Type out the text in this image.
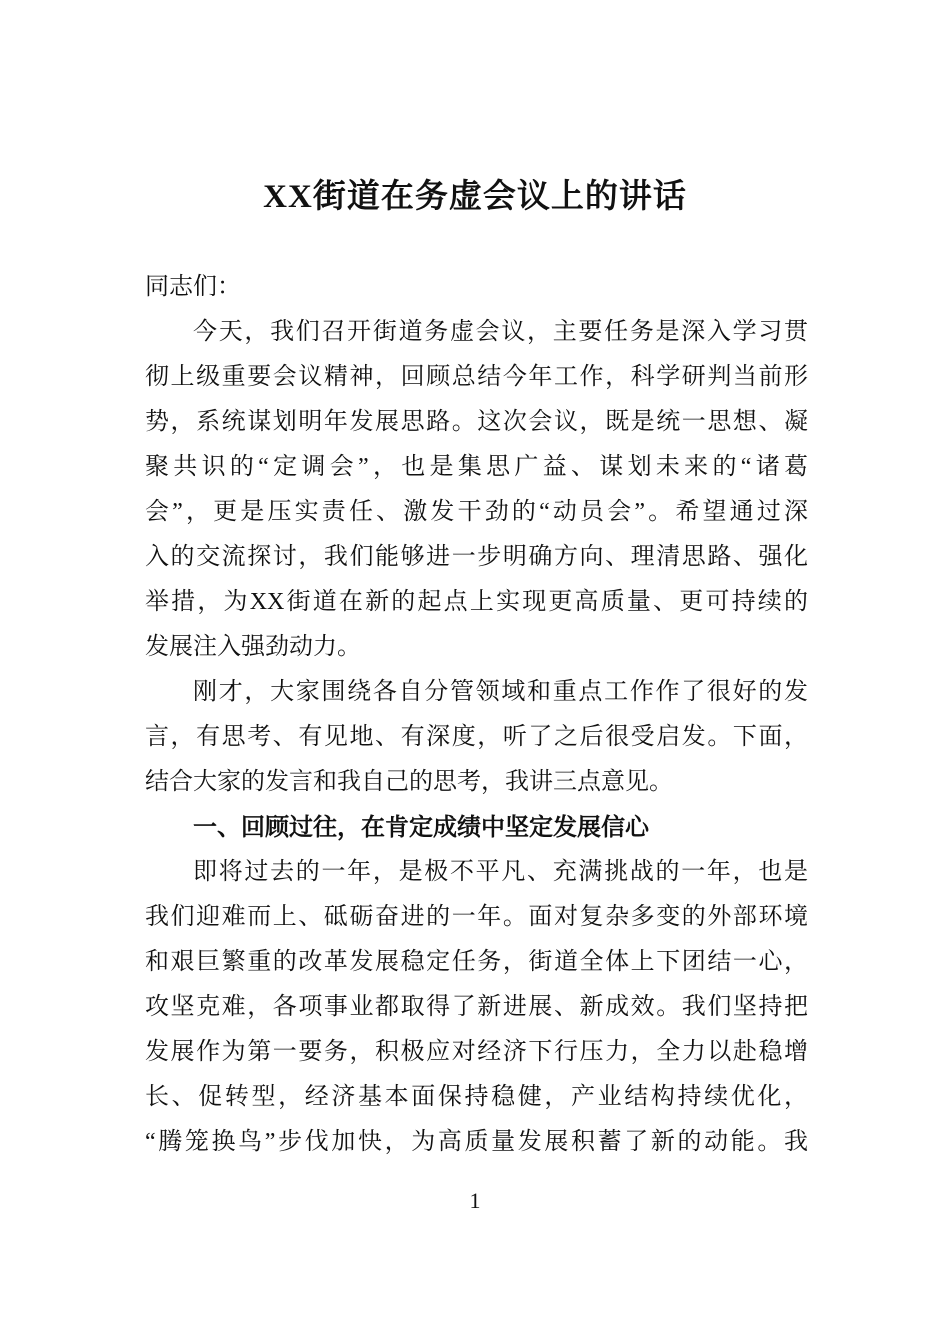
XX街道在务虚会议上的讲话
同志们：
今天，我们召开街道务虚会议，主要任务是深入学习贯
彻上级重要会议精神，回顾总结今年工作，科学研判当前形
势，系统谋划明年发展思路。这次会议，既是统一思想、凝
聚共识的“定调会”，也是集思广益、谋划未来的“诸葛
会”，更是压实责任、激发干劲的“动员会”。希望通过深
入的交流探讨，我们能够进一步明确方向、理清思路、强化
举措，为XX街道在新的起点上实现更高质量、更可持续的
发展注入强劲动力。
刚才，大家围绕各自分管领域和重点工作作了很好的发
言，有思考、有见地、有深度，听了之后很受启发。下面，
结合大家的发言和我自己的思考，我讲三点意见。
一、回顾过往，在肯定成绩中坚定发展信心
即将过去的一年，是极不平凡、充满挑战的一年，也是
我们迎难而上、砥砺奋进的一年。面对复杂多变的外部环境
和艰巨繁重的改革发展稳定任务，街道全体上下团结一心，
攻坚克难，各项事业都取得了新进展、新成效。我们坚持把
发展作为第一要务，积极应对经济下行压力，全力以赴稳增
长、促转型，经济基本面保持稳健，产业结构持续优化，
“腾笼换鸟”步伐加快，为高质量发展积蓄了新的动能。我
1
